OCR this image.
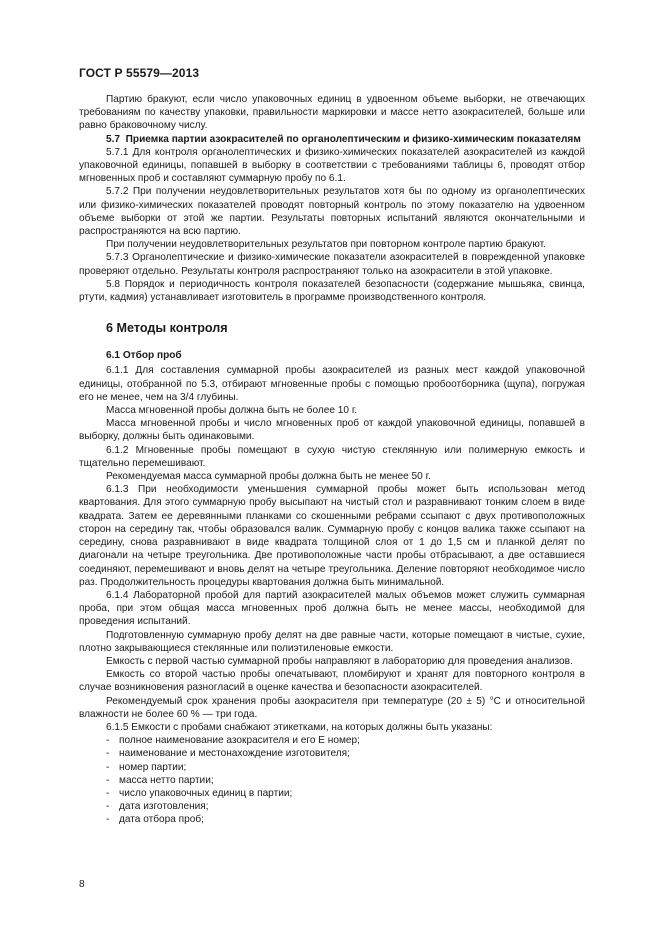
ГОСТ Р 55579—2013

Партию бракуют, если число упаковочных единиц в удвоенном объеме выборки, не отвечающих требованиям по качеству упаковки, правильности маркировки и массе нетто азокрасителей, больше или равно браковочному числу.

5.7 Приемка партии азокрасителей по органолептическим и физико-химическим показателям

5.7.1 Для контроля органолептических и физико-химических показателей азокрасителей из каждой упаковочной единицы, попавшей в выборку в соответствии с требованиями таблицы 6, проводят отбор мгновенных проб и составляют суммарную пробу по 6.1.

5.7.2 При получении неудовлетворительных результатов хотя бы по одному из органолептических или физико-химических показателей проводят повторный контроль по этому показателю на удвоенном объеме выборки от этой же партии. Результаты повторных испытаний являются окончательными и распространяются на всю партию.

При получении неудовлетворительных результатов при повторном контроле партию бракуют.

5.7.3 Органолептические и физико-химические показатели азокрасителей в поврежденной упаковке проверяют отдельно. Результаты контроля распространяют только на азокрасители в этой упаковке.

5.8 Порядок и периодичность контроля показателей безопасности (содержание мышьяка, свинца, ртути, кадмия) устанавливает изготовитель в программе производственного контроля.

6 Методы контроля

6.1 Отбор проб

6.1.1 Для составления суммарной пробы азокрасителей из разных мест каждой упаковочной единицы, отобранной по 5.3, отбирают мгновенные пробы с помощью пробоотборника (щупа), погружая его не менее, чем на 3/4 глубины.

Масса мгновенной пробы должна быть не более 10 г.

Масса мгновенной пробы и число мгновенных проб от каждой упаковочной единицы, попавшей в выборку, должны быть одинаковыми.

6.1.2 Мгновенные пробы помещают в сухую чистую стеклянную или полимерную емкость и тщательно перемешивают.

Рекомендуемая масса суммарной пробы должна быть не менее 50 г.

6.1.3 При необходимости уменьшения суммарной пробы может быть использован метод квартования. Для этого суммарную пробу высыпают на чистый стол и разравнивают тонким слоем в виде квадрата. Затем ее деревянными планками со скошенными ребрами ссыпают с двух противоположных сторон на середину так, чтобы образовался валик. Суммарную пробу с концов валика также ссыпают на середину, снова разравнивают в виде квадрата толщиной слоя от 1 до 1,5 см и планкой делят по диагонали на четыре треугольника. Две противоположные части пробы отбрасывают, а две оставшиеся соединяют, перемешивают и вновь делят на четыре треугольника. Деление повторяют необходимое число раз. Продолжительность процедуры квартования должна быть минимальной.

6.1.4 Лабораторной пробой для партий азокрасителей малых объемов может служить суммарная проба, при этом общая масса мгновенных проб должна быть не менее массы, необходимой для проведения испытаний.

Подготовленную суммарную пробу делят на две равные части, которые помещают в чистые, сухие, плотно закрывающиеся стеклянные или полиэтиленовые емкости.

Емкость с первой частью суммарной пробы направляют в лабораторию для проведения анализов.

Емкость со второй частью пробы опечатывают, пломбируют и хранят для повторного контроля в случае возникновения разногласий в оценке качества и безопасности азокрасителей.

Рекомендуемый срок хранения пробы азокрасителя при температуре (20 ± 5) °С и относительной влажности не более 60 % — три года.

6.1.5 Емкости с пробами снабжают этикетками, на которых должны быть указаны:

- полное наименование азокрасителя и его Е номер;

- наименование и местонахождение изготовителя;

- номер партии;

- масса нетто партии;

- число упаковочных единиц в партии;

- дата изготовления;

- дата отбора проб;

8
